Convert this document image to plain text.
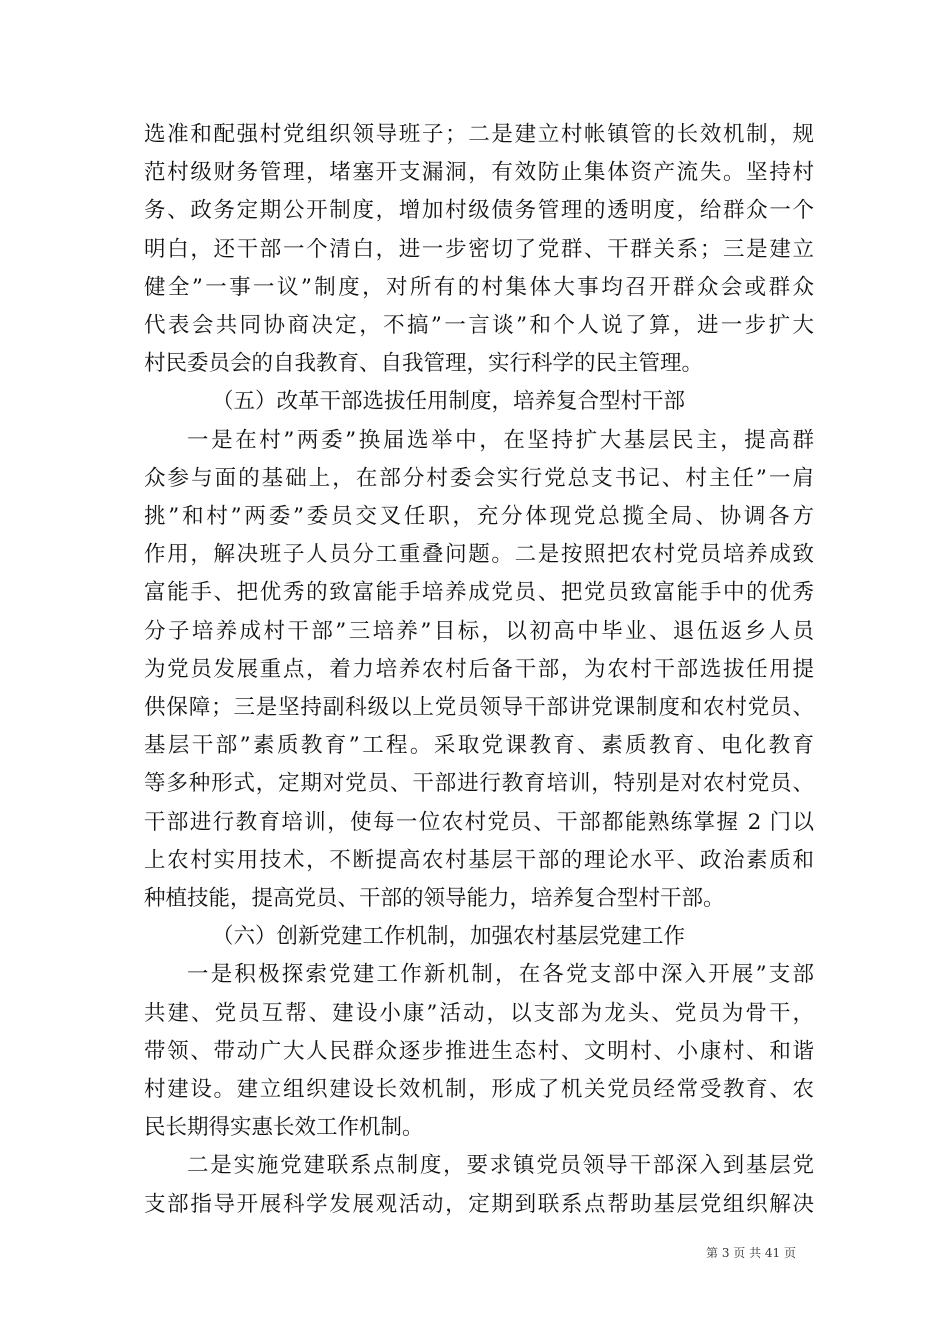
选准和配强村党组织领导班子；二是建立村帐镇管的长效机制，规
范村级财务管理，堵塞开支漏洞，有效防止集体资产流失。坚持村
务、政务定期公开制度，增加村级债务管理的透明度，给群众一个
明白，还干部一个清白，进一步密切了党群、干群关系；三是建立
健全”一事一议”制度，对所有的村集体大事均召开群众会或群众
代表会共同协商决定，不搞”一言谈”和个人说了算，进一步扩大
村民委员会的自我教育、自我管理，实行科学的民主管理。
（五）改革干部选拔任用制度，培养复合型村干部
一是在村”两委”换届选举中，在坚持扩大基层民主，提高群
众参与面的基础上，在部分村委会实行党总支书记、村主任”一肩
挑”和村”两委”委员交叉任职，充分体现党总揽全局、协调各方
作用，解决班子人员分工重叠问题。二是按照把农村党员培养成致
富能手、把优秀的致富能手培养成党员、把党员致富能手中的优秀
分子培养成村干部”三培养”目标，以初高中毕业、退伍返乡人员
为党员发展重点，着力培养农村后备干部，为农村干部选拔任用提
供保障；三是坚持副科级以上党员领导干部讲党课制度和农村党员、
基层干部”素质教育”工程。采取党课教育、素质教育、电化教育
等多种形式，定期对党员、干部进行教育培训，特别是对农村党员、
干部进行教育培训，使每一位农村党员、干部都能熟练掌握 2 门以
上农村实用技术，不断提高农村基层干部的理论水平、政治素质和
种植技能，提高党员、干部的领导能力，培养复合型村干部。
（六）创新党建工作机制，加强农村基层党建工作
一是积极探索党建工作新机制，在各党支部中深入开展”支部
共建、党员互帮、建设小康”活动，以支部为龙头、党员为骨干，
带领、带动广大人民群众逐步推进生态村、文明村、小康村、和谐
村建设。建立组织建设长效机制，形成了机关党员经常受教育、农
民长期得实惠长效工作机制。
二是实施党建联系点制度，要求镇党员领导干部深入到基层党
支部指导开展科学发展观活动，定期到联系点帮助基层党组织解决
第 3 页 共 41 页
